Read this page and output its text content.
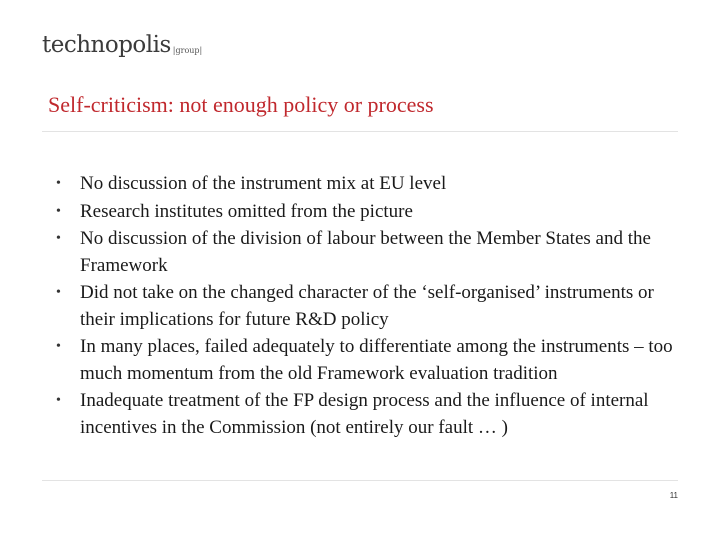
technopolis |group|
Self-criticism: not enough policy or process
•	No discussion of the instrument mix at EU level
•	Research institutes omitted from the picture
•	No discussion of the division of labour between the Member States and the Framework
•	Did not take on the changed character of the ‘self-organised’ instruments or their implications for future R&D policy
•	In many places, failed adequately to differentiate among the instruments – too much momentum from the old Framework evaluation tradition
•	Inadequate treatment of the FP design process and the influence of internal incentives in the Commission (not entirely our fault … )
11
